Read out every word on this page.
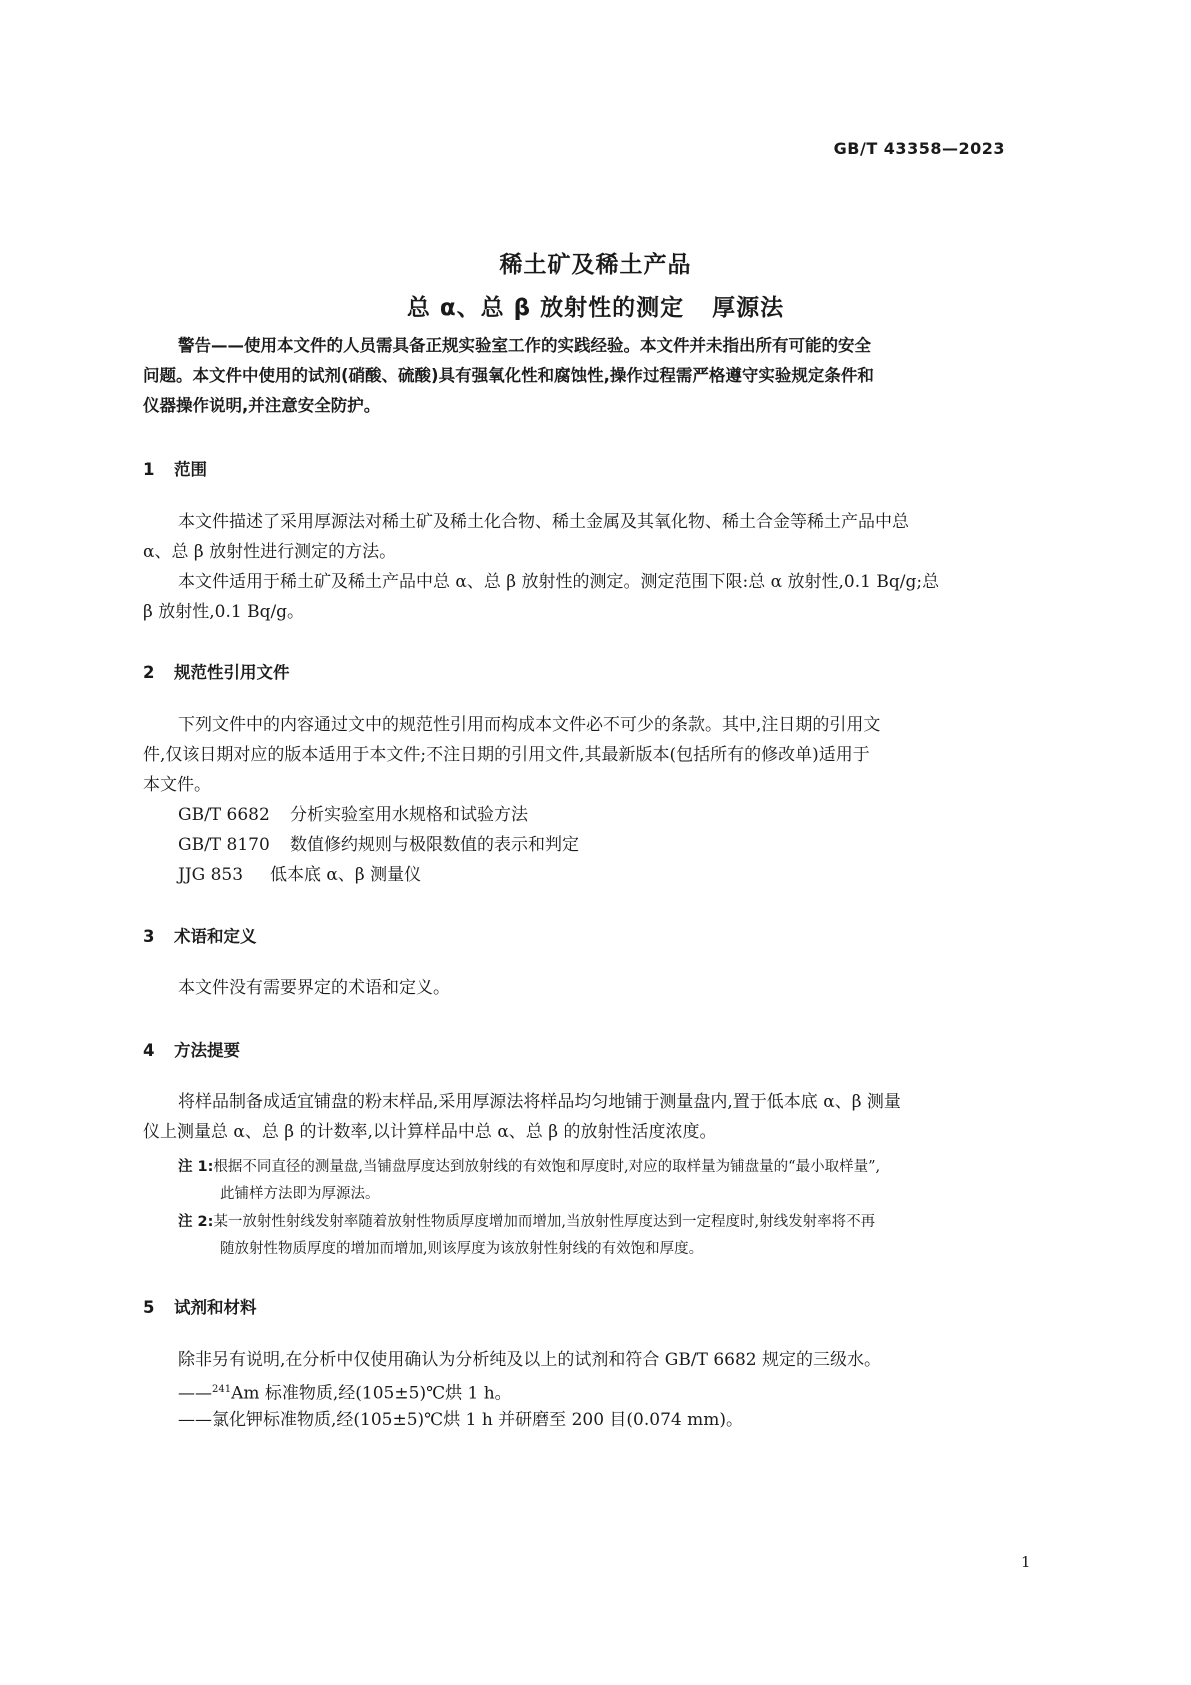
GB/T 43358—2023
稀土矿及稀土产品
总 α、总 β 放射性的测定 厚源法
警告——使用本文件的人员需具备正规实验室工作的实践经验。本文件并未指出所有可能的安全
问题。本文件中使用的试剂(硝酸、硫酸)具有强氧化性和腐蚀性,操作过程需严格遵守实验规定条件和
仪器操作说明,并注意安全防护。
1 范围
本文件描述了采用厚源法对稀土矿及稀土化合物、稀土金属及其氧化物、稀土合金等稀土产品中总
α、总 β 放射性进行测定的方法。
本文件适用于稀土矿及稀土产品中总 α、总 β 放射性的测定。测定范围下限:总 α 放射性,0.1 Bq/g;总
β 放射性,0.1 Bq/g。
2 规范性引用文件
下列文件中的内容通过文中的规范性引用而构成本文件必不可少的条款。其中,注日期的引用文
件,仅该日期对应的版本适用于本文件;不注日期的引用文件,其最新版本(包括所有的修改单)适用于
本文件。
GB/T 6682 分析实验室用水规格和试验方法
GB/T 8170 数值修约规则与极限数值的表示和判定
JJG 853 低本底 α、β 测量仪
3 术语和定义
本文件没有需要界定的术语和定义。
4 方法提要
将样品制备成适宜铺盘的粉末样品,采用厚源法将样品均匀地铺于测量盘内,置于低本底 α、β 测量
仪上测量总 α、总 β 的计数率,以计算样品中总 α、总 β 的放射性活度浓度。
注 1:根据不同直径的测量盘,当铺盘厚度达到放射线的有效饱和厚度时,对应的取样量为铺盘量的“最小取样量”,
此铺样方法即为厚源法。
注 2:某一放射性射线发射率随着放射性物质厚度增加而增加,当放射性厚度达到一定程度时,射线发射率将不再
随放射性物质厚度的增加而增加,则该厚度为该放射性射线的有效饱和厚度。
5 试剂和材料
除非另有说明,在分析中仅使用确认为分析纯及以上的试剂和符合 GB/T 6682 规定的三级水。
——$^{241}$Am 标准物质,经(105±5)℃烘 1 h。
——氯化钾标准物质,经(105±5)℃烘 1 h 并研磨至 200 目(0.074 mm)。
1
